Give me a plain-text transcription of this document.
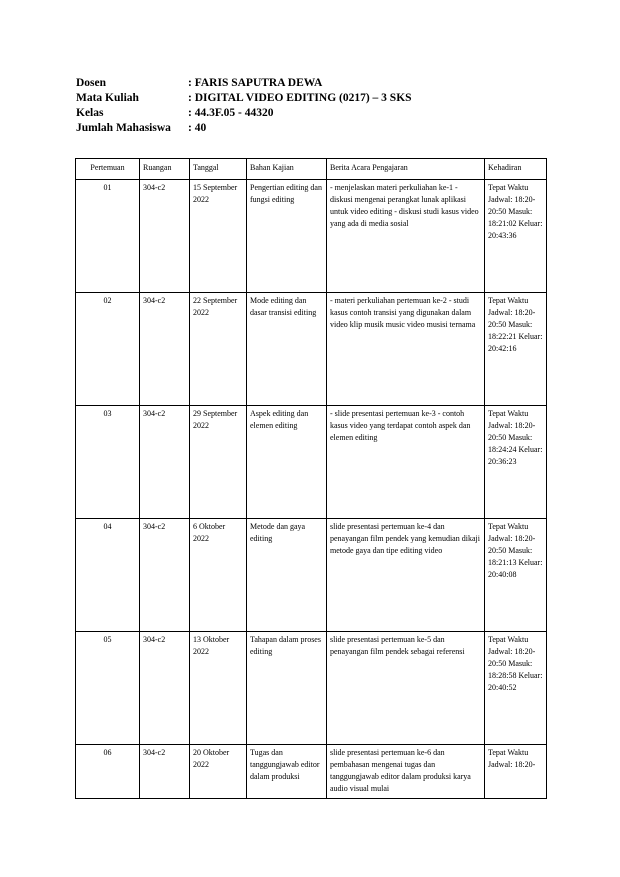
Dosen	: FARIS SAPUTRA DEWA
Mata Kuliah	: DIGITAL VIDEO EDITING (0217) – 3 SKS
Kelas	: 44.3F.05 - 44320
Jumlah Mahasiswa	: 40
Pertemuan	Ruangan	Tanggal	Bahan Kajian	Berita Acara Pengajaran	Kehadiran
01	304-c2	15 September 2022	Pengertian editing dan fungsi editing	- menjelaskan materi perkuliahan ke-1 - diskusi mengenai perangkat lunak aplikasi untuk video editing - diskusi studi kasus video yang ada di media sosial	Tepat Waktu Jadwal: 18:20-20:50 Masuk: 18:21:02 Keluar: 20:43:36
02	304-c2	22 September 2022	Mode editing dan dasar transisi editing	- materi perkuliahan pertemuan ke-2 - studi kasus contoh transisi yang digunakan dalam video klip musik music video musisi ternama	Tepat Waktu Jadwal: 18:20-20:50 Masuk: 18:22:21 Keluar: 20:42:16
03	304-c2	29 September 2022	Aspek editing dan elemen editing	- slide presentasi pertemuan ke-3 - contoh kasus video yang terdapat contoh aspek dan elemen editing	Tepat Waktu Jadwal: 18:20-20:50 Masuk: 18:24:24 Keluar: 20:36:23
04	304-c2	6 Oktober 2022	Metode dan gaya editing	slide presentasi pertemuan ke-4 dan penayangan film pendek yang kemudian dikaji metode gaya dan tipe editing video	Tepat Waktu Jadwal: 18:20-20:50 Masuk: 18:21:13 Keluar: 20:40:08
05	304-c2	13 Oktober 2022	Tahapan dalam proses editing	slide presentasi pertemuan ke-5 dan penayangan film pendek sebagai referensi	Tepat Waktu Jadwal: 18:20-20:50 Masuk: 18:28:58 Keluar: 20:40:52
06	304-c2	20 Oktober 2022	Tugas dan tanggungjawab editor dalam produksi	slide presentasi pertemuan ke-6 dan pembahasan mengenai tugas dan tanggungjawab editor dalam produksi karya audio visual mulai	Tepat Waktu Jadwal: 18:20-
